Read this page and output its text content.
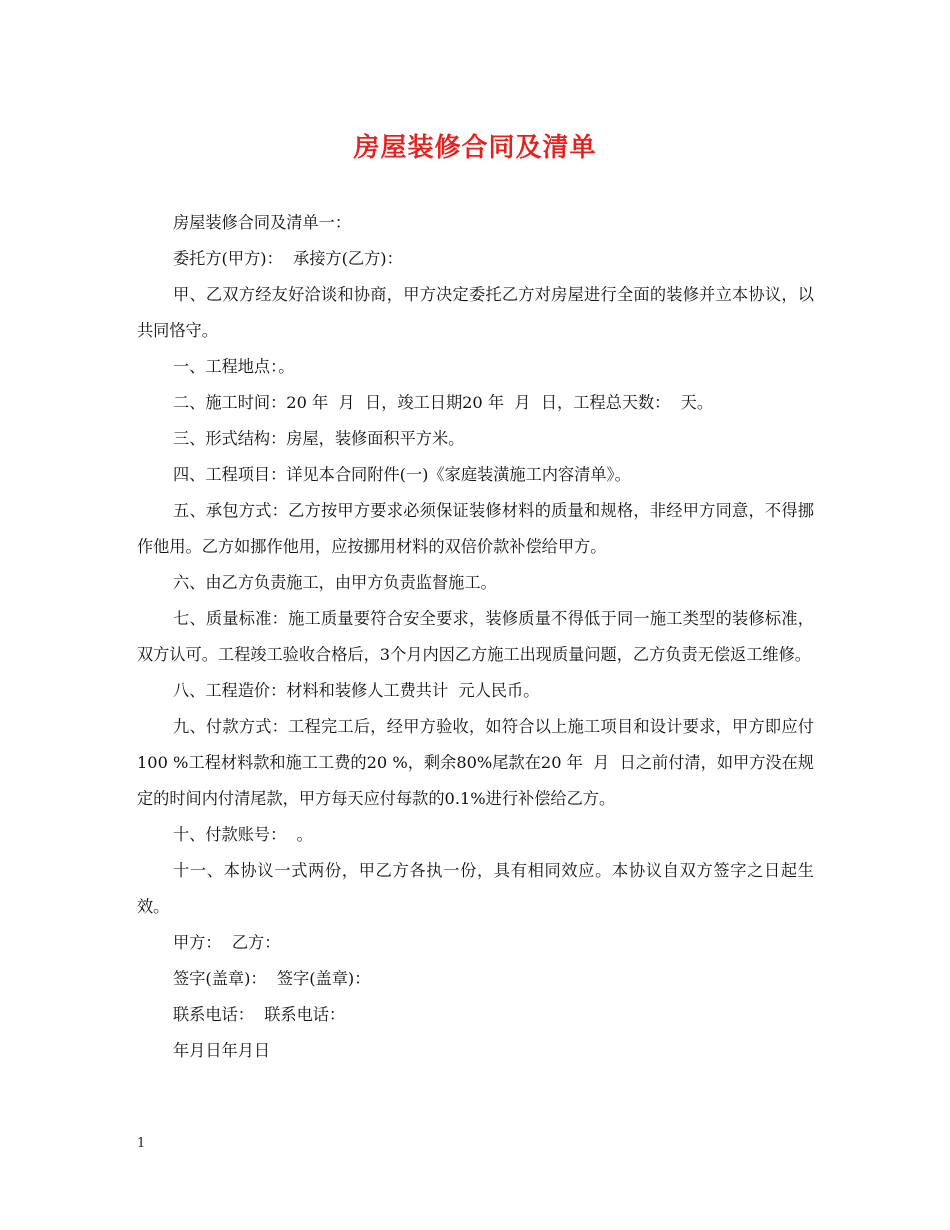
房屋装修合同及清单

房屋装修合同及清单一：

委托方(甲方)：  承接方(乙方)：

甲、乙双方经友好洽谈和协商，甲方决定委托乙方对房屋进行全面的装修并立本协议，以共同恪守。

一、工程地点：。

二、施工时间：20 年  月  日，竣工日期20 年  月  日，工程总天数：  天。

三、形式结构：房屋，装修面积平方米。

四、工程项目：详见本合同附件(一)《家庭装潢施工内容清单》。

五、承包方式：乙方按甲方要求必须保证装修材料的质量和规格，非经甲方同意，不得挪作他用。乙方如挪作他用，应按挪用材料的双倍价款补偿给甲方。

六、由乙方负责施工，由甲方负责监督施工。

七、质量标准：施工质量要符合安全要求，装修质量不得低于同一施工类型的装修标准，双方认可。工程竣工验收合格后，3个月内因乙方施工出现质量问题，乙方负责无偿返工维修。

八、工程造价：材料和装修人工费共计  元人民币。

九、付款方式：工程完工后，经甲方验收，如符合以上施工项目和设计要求，甲方即应付  100 %工程材料款和施工工费的20 %，剩余80%尾款在20 年  月  日之前付清，如甲方没在规定的时间内付清尾款，甲方每天应付每款的0.1%进行补偿给乙方。

十、付款账号：  。

十一、本协议一式两份，甲乙方各执一份，具有相同效应。本协议自双方签字之日起生效。

甲方：  乙方：

签字(盖章)：  签字(盖章)：

联系电话：  联系电话：

年月日年月日

1
